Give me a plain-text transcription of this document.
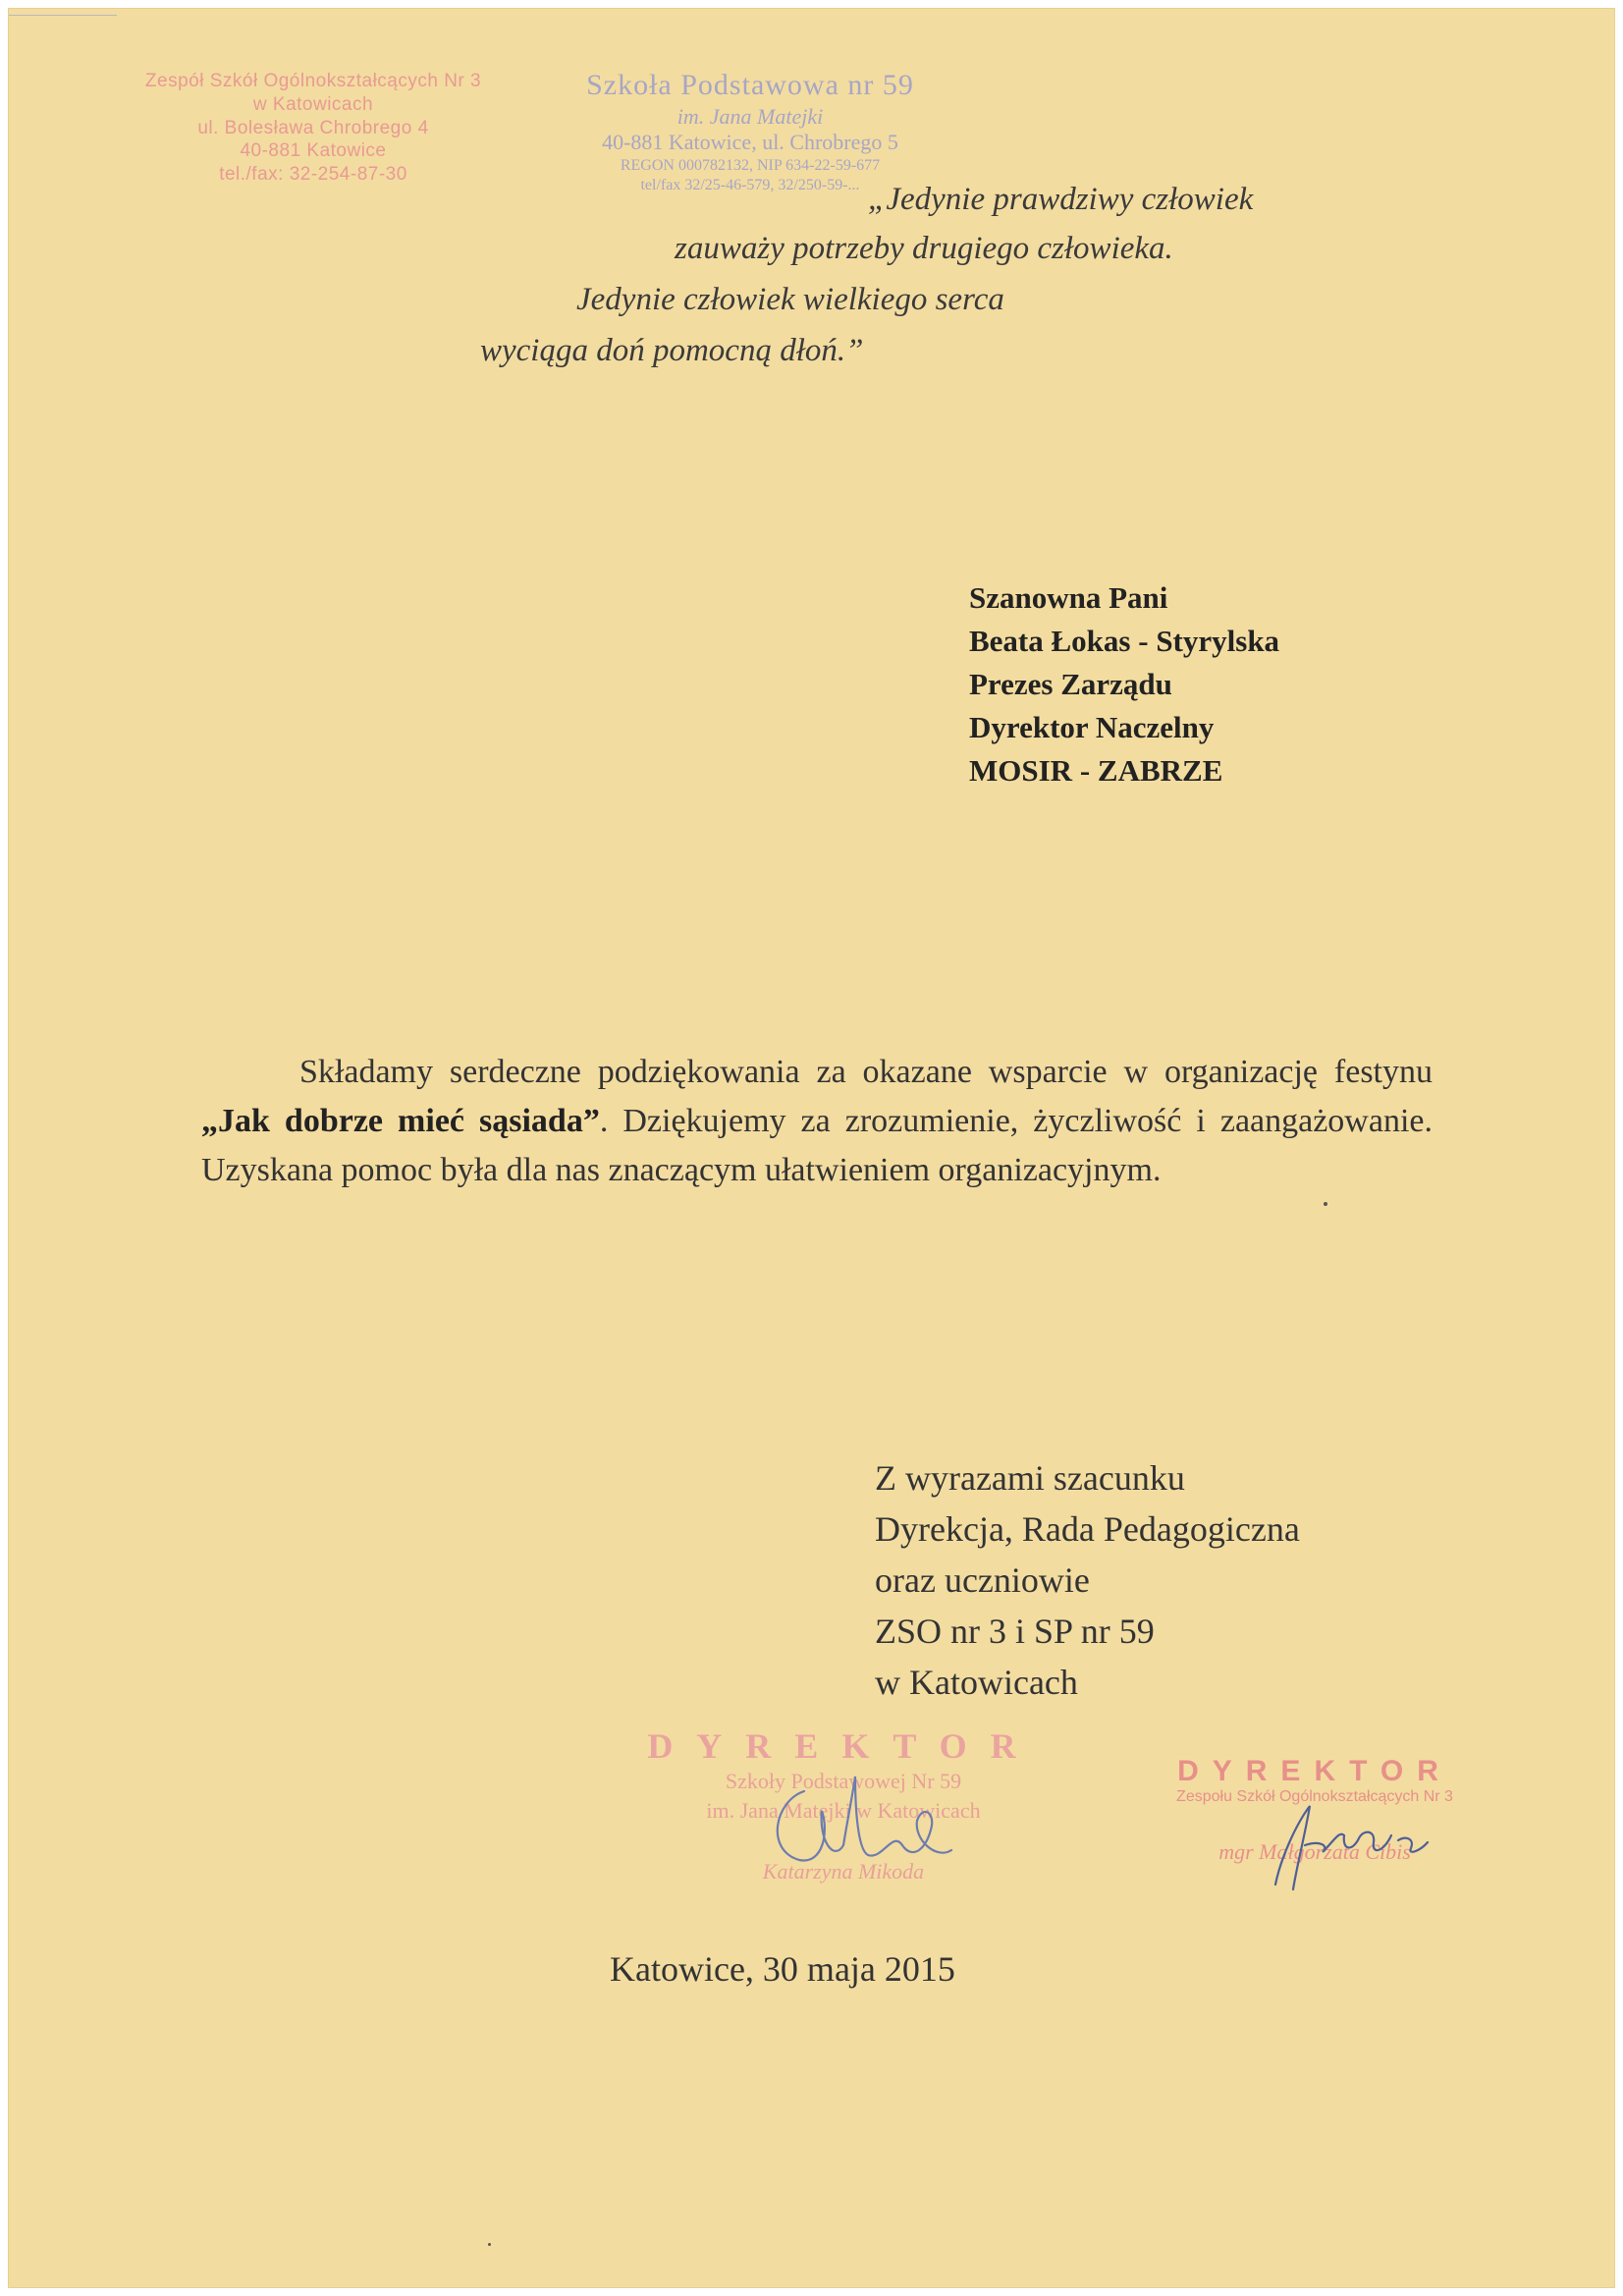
Zespół Szkół Ogólnokształcących Nr 3
w Katowicach
ul. Bolesława Chrobrego 4
40-881 Katowice
tel./fax: 32-254-87-30
Szkoła Podstawowa nr 59
im. Jana Matejki
40-881 Katowice, ul. Chrobrego 5
REGON 000782132, NIP 634-22-59-677
tel/fax 32/25-46-579, 32/250-59-... „Jedynie prawdziwy człowiek
zauważy potrzeby drugiego człowieka.
Jedynie człowiek wielkiego serca
wyciąga doń pomocną dłoń.”
Szanowna Pani
Beata Łokas - Styrylska
Prezes Zarządu
Dyrektor Naczelny
MOSIR - ZABRZE
Składamy serdeczne podziękowania za okazane wsparcie w organizację festynu „Jak dobrze mieć sąsiada”. Dziękujemy za zrozumienie, życzliwość i zaangażowanie. Uzyskana pomoc była dla nas znaczącym ułatwieniem organizacyjnym.
Z wyrazami szacunku
Dyrekcja, Rada Pedagogiczna
oraz uczniowie
ZSO nr 3 i SP nr 59
w Katowicach
DYREKTOR
Szkoły Podstawowej Nr 59
im. Jana Matejki w Katowicach
Katarzyna Mikoda
DYREKTOR
Zespołu Szkół Ogólnokształcących Nr 3
mgr Małgorzata Cibis
Katowice, 30 maja 2015
